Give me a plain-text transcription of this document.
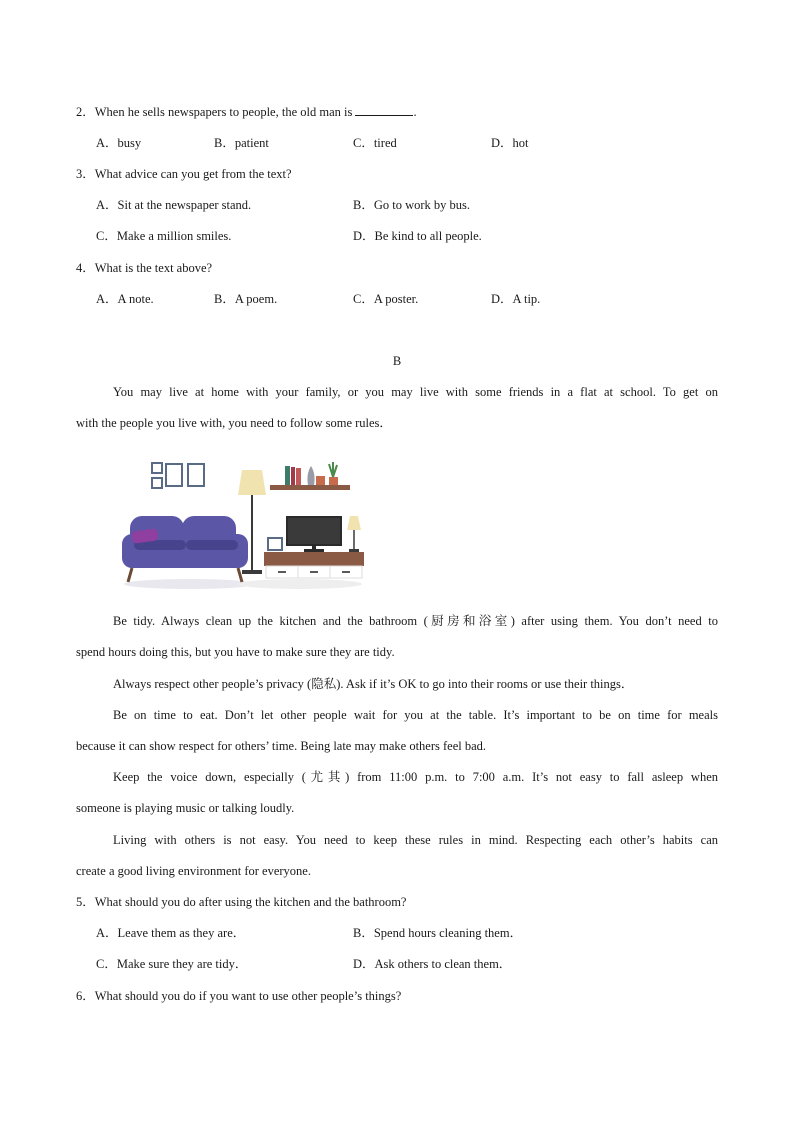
2．When he sells newspapers to people, the old man is	.
A．busy	B．patient	C．tired	D．hot
3．What advice can you get from the text?
A．Sit at the newspaper stand.	B．Go to work by bus.
C．Make a million smiles.	D．Be kind to all people.
4．What is the text above?
A．A note.	B．A poem.	C．A poster.	D．A tip.
B
You may live at home with your family, or you may live with some friends in a flat at school. To get on
with the people you live with, you need to follow some rules．
Be tidy. Always clean up the kitchen and the bathroom (厨房和浴室) after using them. You don’t need to
spend hours doing this, but you have to make sure they are tidy.
Always respect other people’s privacy (隐私). Ask if it’s OK to go into their rooms or use their things．
Be on time to eat. Don’t let other people wait for you at the table. It’s important to be on time for meals
because it can show respect for others’ time. Being late may make others feel bad.
Keep the voice down, especially (尤其) from 11:00 p.m. to 7:00 a.m. It’s not easy to fall asleep when
someone is playing music or talking loudly.
Living with others is not easy. You need to keep these rules in mind. Respecting each other’s habits can
create a good living environment for everyone.
5．What should you do after using the kitchen and the bathroom?
A．Leave them as they are．	B．Spend hours cleaning them．
C．Make sure they are tidy．	D．Ask others to clean them．
6．What should you do if you want to use other people’s things?
